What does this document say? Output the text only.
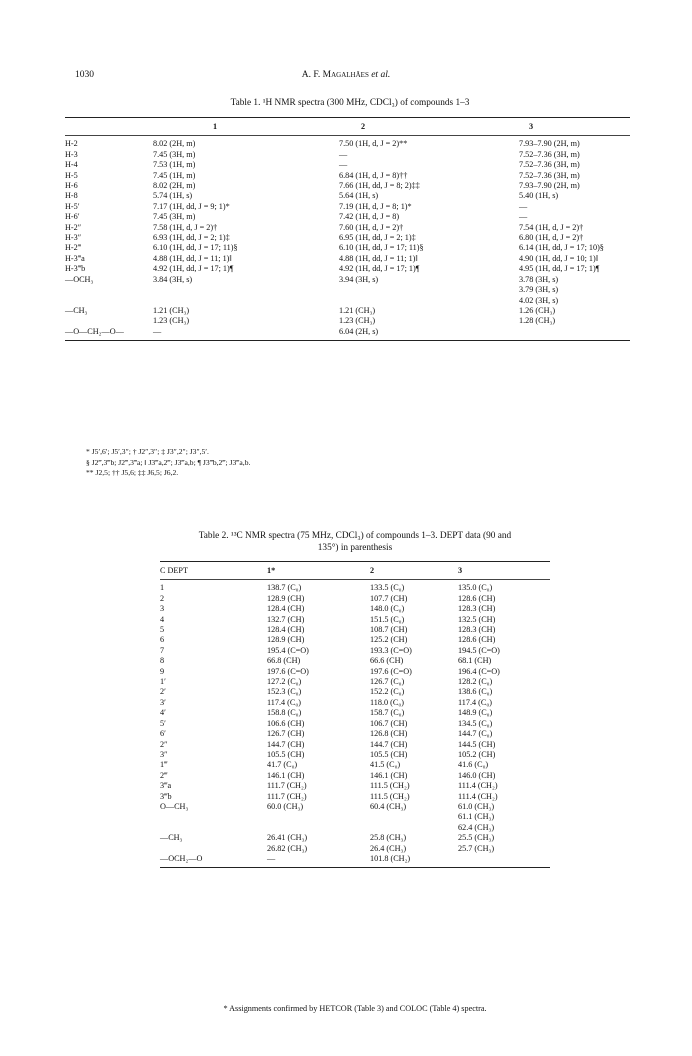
1030	A. F. Magalhães et al.
Table 1. ¹H NMR spectra (300 MHz, CDCl₃) of compounds 1–3
	1	2	3
H-2	8.02 (2H, m)	7.50 (1H, d, J = 2)**	7.93–7.90 (2H, m)
H-3	7.45 (3H, m)	—	7.52–7.36 (3H, m)
H-4	7.53 (1H, m)	—	7.52–7.36 (3H, m)
H-5	7.45 (1H, m)	6.84 (1H, d, J = 8)††	7.52–7.36 (3H, m)
H-6	8.02 (2H, m)	7.66 (1H, dd, J = 8; 2)‡‡	7.93–7.90 (2H, m)
H-8	5.74 (1H, s)	5.64 (1H, s)	5.40 (1H, s)
H-5′	7.17 (1H, dd, J = 9; 1)*	7.19 (1H, d, J = 8; 1)*	—
H-6′	7.45 (3H, m)	7.42 (1H, d, J = 8)	—
H-2″	7.58 (1H, d, J = 2)†	7.60 (1H, d, J = 2)†	7.54 (1H, d, J = 2)†
H-3″	6.93 (1H, dd, J = 2; 1)‡	6.95 (1H, dd, J = 2; 1)‡	6.80 (1H, d, J = 2)†
H-2‴	6.10 (1H, dd, J = 17; 11)§	6.10 (1H, dd, J = 17; 11)§	6.14 (1H, dd, J = 17; 10)§
H-3‴a	4.88 (1H, dd, J = 11; 1)‖	4.88 (1H, dd, J = 11; 1)‖	4.90 (1H, dd, J = 10; 1)‖
H-3‴b	4.92 (1H, dd, J = 17; 1)¶	4.92 (1H, dd, J = 17; 1)¶	4.95 (1H, dd, J = 17; 1)¶
—OCH₃	3.84 (3H, s)	3.94 (3H, s)	3.78 (3H, s)
			3.79 (3H, s)
			4.02 (3H, s)
—CH₃	1.21 (CH₃)	1.21 (CH₃)	1.26 (CH₃)
	1.23 (CH₃)	1.23 (CH₃)	1.28 (CH₃)
—O—CH₂—O—	—	6.04 (2H, s)	
* J5′,6′; J5′,3″; † J2″,3″; ‡ J3″,2″; J3″,5′.
§ J2‴,3‴b; J2‴,3‴a; ‖ J3‴a,2‴; J3‴a,b; ¶ J3‴b,2‴; J3‴a,b.
** J2,5; †† J5,6; ‡‡ J6,5; J6,2.
Table 2. ¹³C NMR spectra (75 MHz, CDCl₃) of compounds 1–3. DEPT data (90 and
135°) in parenthesis
C DEPT	1*	2	3
1	138.7 (C₀)	133.5 (C₀)	135.0 (C₀)
2	128.9 (CH)	107.7 (CH)	128.6 (CH)
3	128.4 (CH)	148.0 (C₀)	128.3 (CH)
4	132.7 (CH)	151.5 (C₀)	132.5 (CH)
5	128.4 (CH)	108.7 (CH)	128.3 (CH)
6	128.9 (CH)	125.2 (CH)	128.6 (CH)
7	195.4 (C=O)	193.3 (C=O)	194.5 (C=O)
8	66.8 (CH)	66.6 (CH)	68.1 (CH)
9	197.6 (C=O)	197.6 (C=O)	196.4 (C=O)
1′	127.2 (C₀)	126.7 (C₀)	128.2 (C₀)
2′	152.3 (C₀)	152.2 (C₀)	138.6 (C₀)
3′	117.4 (C₀)	118.0 (C₀)	117.4 (C₀)
4′	158.8 (C₀)	158.7 (C₀)	148.9 (C₀)
5′	106.6 (CH)	106.7 (CH)	134.5 (C₀)
6′	126.7 (CH)	126.8 (CH)	144.7 (C₀)
2″	144.7 (CH)	144.7 (CH)	144.5 (CH)
3″	105.5 (CH)	105.5 (CH)	105.2 (CH)
1‴	41.7 (C₀)	41.5 (C₀)	41.6 (C₀)
2‴	146.1 (CH)	146.1 (CH)	146.0 (CH)
3‴a	111.7 (CH₂)	111.5 (CH₂)	111.4 (CH₂)
3‴b	111.7 (CH₂)	111.5 (CH₂)	111.4 (CH₂)
O—CH₃	60.0 (CH₃)	60.4 (CH₃)	61.0 (CH₃)
			61.1 (CH₃)
			62.4 (CH₃)
—CH₃	26.41 (CH₃)	25.8 (CH₃)	25.5 (CH₃)
	26.82 (CH₃)	26.4 (CH₃)	25.7 (CH₃)
—OCH₂—O	—	101.8 (CH₂)	
* Assignments confirmed by HETCOR (Table 3) and COLOC (Table 4) spectra.
